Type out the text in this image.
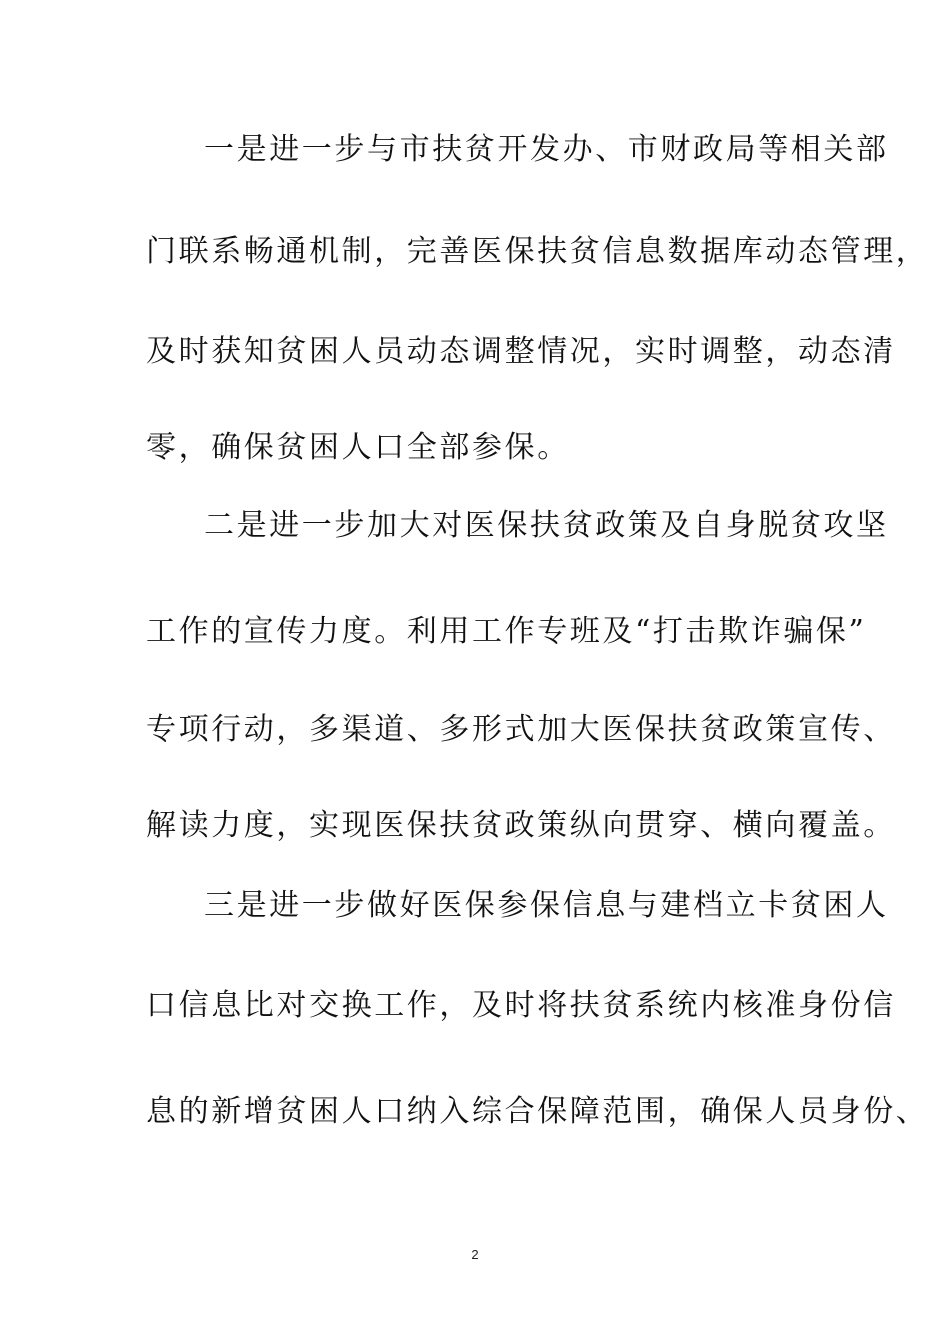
一是进一步与市扶贫开发办、市财政局等相关部
门联系畅通机制，完善医保扶贫信息数据库动态管理，
及时获知贫困人员动态调整情况，实时调整，动态清
零，确保贫困人口全部参保。
二是进一步加大对医保扶贫政策及自身脱贫攻坚
工作的宣传力度。利用工作专班及“打击欺诈骗保”
专项行动，多渠道、多形式加大医保扶贫政策宣传、
解读力度，实现医保扶贫政策纵向贯穿、横向覆盖。
三是进一步做好医保参保信息与建档立卡贫困人
口信息比对交换工作，及时将扶贫系统内核准身份信
息的新增贫困人口纳入综合保障范围，确保人员身份、
2
